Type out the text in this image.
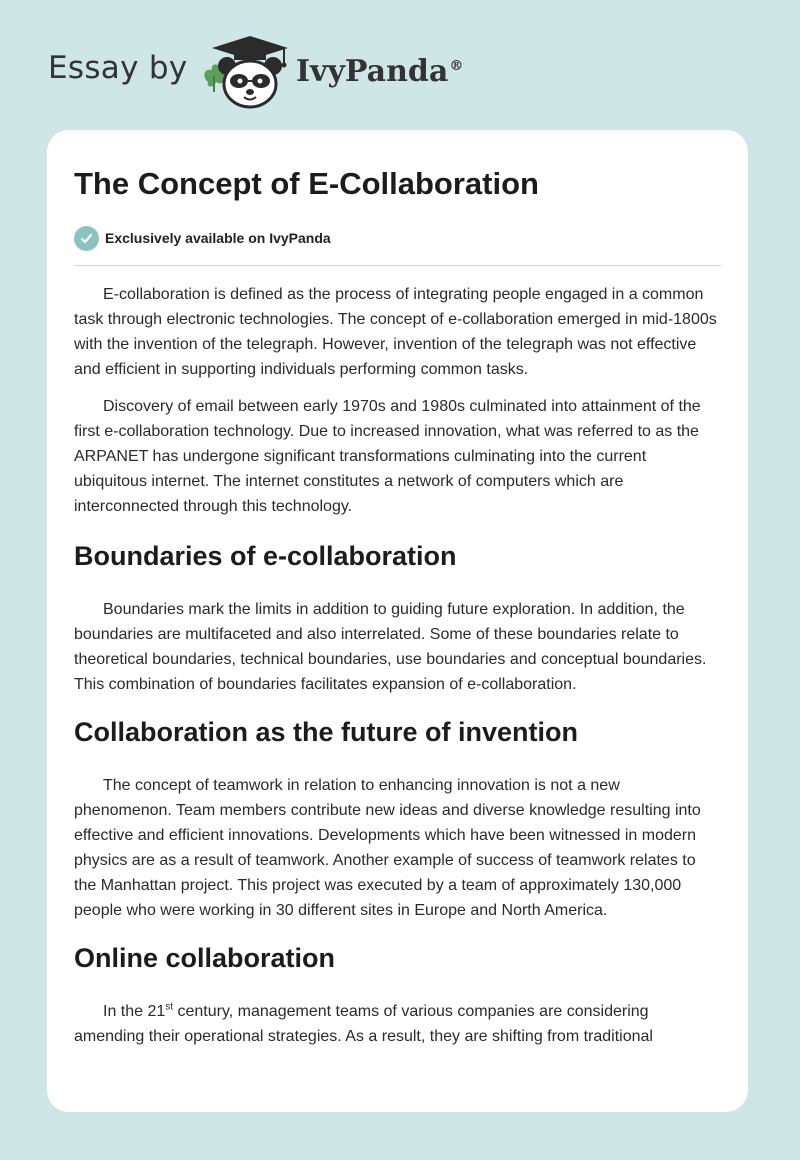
Essay by	IvyPanda®
The Concept of E-Collaboration
Exclusively available on IvyPanda

E-collaboration is defined as the process of integrating people engaged in a common task through electronic technologies. The concept of e-collaboration emerged in mid-1800s with the invention of the telegraph. However, invention of the telegraph was not effective and efficient in supporting individuals performing common tasks.

Discovery of email between early 1970s and 1980s culminated into attainment of the first e-collaboration technology. Due to increased innovation, what was referred to as the ARPANET has undergone significant transformations culminating into the current ubiquitous internet. The internet constitutes a network of computers which are interconnected through this technology.

Boundaries of e-collaboration

Boundaries mark the limits in addition to guiding future exploration. In addition, the boundaries are multifaceted and also interrelated. Some of these boundaries relate to theoretical boundaries, technical boundaries, use boundaries and conceptual boundaries. This combination of boundaries facilitates expansion of e-collaboration.

Collaboration as the future of invention

The concept of teamwork in relation to enhancing innovation is not a new phenomenon. Team members contribute new ideas and diverse knowledge resulting into effective and efficient innovations. Developments which have been witnessed in modern physics are as a result of teamwork. Another example of success of teamwork relates to the Manhattan project. This project was executed by a team of approximately 130,000 people who were working in 30 different sites in Europe and North America.

Online collaboration

In the 21st century, management teams of various companies are considering amending their operational strategies. As a result, they are shifting from traditional
